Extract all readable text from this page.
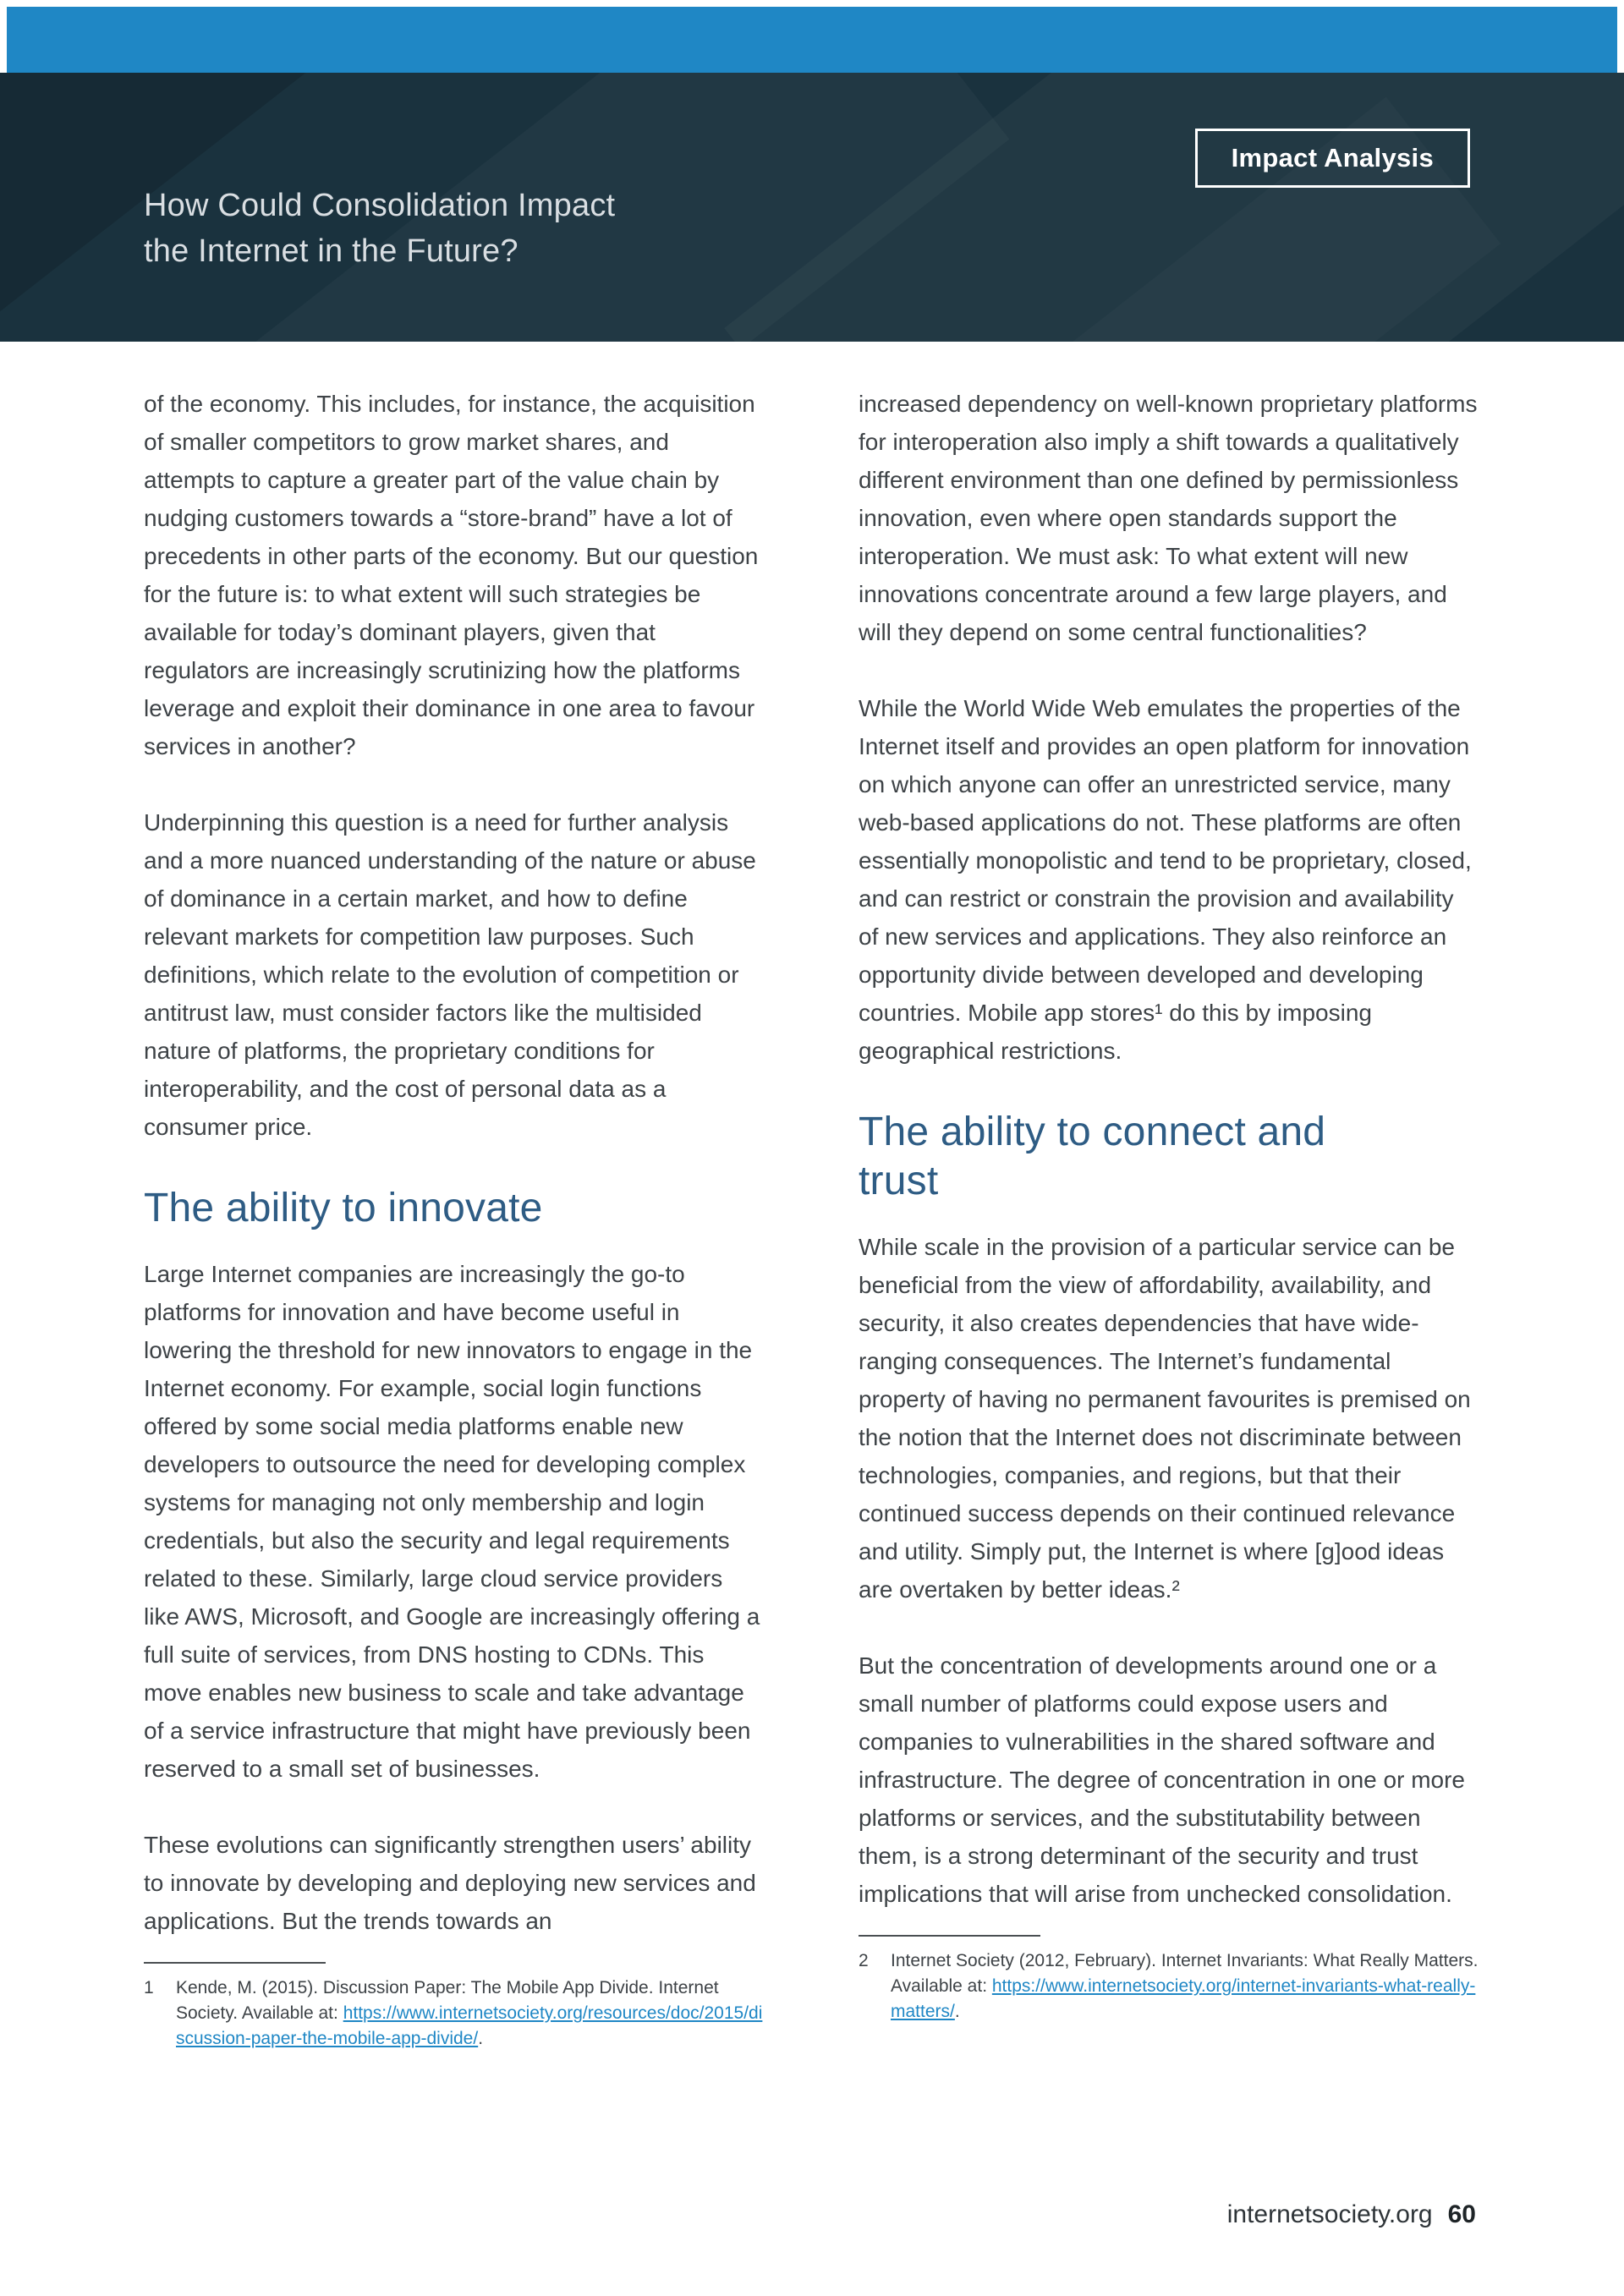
How Could Consolidation Impact
the Internet in the Future?
Impact Analysis

of the economy. This includes, for instance, the acquisition of smaller competitors to grow market shares, and attempts to capture a greater part of the value chain by nudging customers towards a “store-brand” have a lot of precedents in other parts of the economy. But our question for the future is: to what extent will such strategies be available for today’s dominant players, given that regulators are increasingly scrutinizing how the platforms leverage and exploit their dominance in one area to favour services in another?

Underpinning this question is a need for further analysis and a more nuanced understanding of the nature or abuse of dominance in a certain market, and how to define relevant markets for competition law purposes. Such definitions, which relate to the evolution of competition or antitrust law, must consider factors like the multisided nature of platforms, the proprietary conditions for interoperability, and the cost of personal data as a consumer price.

The ability to innovate

Large Internet companies are increasingly the go-to platforms for innovation and have become useful in lowering the threshold for new innovators to engage in the Internet economy. For example, social login functions offered by some social media platforms enable new developers to outsource the need for developing complex systems for managing not only membership and login credentials, but also the security and legal requirements related to these. Similarly, large cloud service providers like AWS, Microsoft, and Google are increasingly offering a full suite of services, from DNS hosting to CDNs. This move enables new business to scale and take advantage of a service infrastructure that might have previously been reserved to a small set of businesses.

These evolutions can significantly strengthen users’ ability to innovate by developing and deploying new services and applications. But the trends towards an

1	Kende, M. (2015). Discussion Paper: The Mobile App Divide. Internet Society. Available at: https://www.internetsociety.org/resources/doc/2015/discussion-paper-the-mobile-app-divide/.

increased dependency on well-known proprietary platforms for interoperation also imply a shift towards a qualitatively different environment than one defined by permissionless innovation, even where open standards support the interoperation. We must ask: To what extent will new innovations concentrate around a few large players, and will they depend on some central functionalities?

While the World Wide Web emulates the properties of the Internet itself and provides an open platform for innovation on which anyone can offer an unrestricted service, many web-based applications do not. These platforms are often essentially monopolistic and tend to be proprietary, closed, and can restrict or constrain the provision and availability of new services and applications. They also reinforce an opportunity divide between developed and developing countries. Mobile app stores¹ do this by imposing geographical restrictions.

The ability to connect and trust

While scale in the provision of a particular service can be beneficial from the view of affordability, availability, and security, it also creates dependencies that have wide-ranging consequences. The Internet’s fundamental property of having no permanent favourites is premised on the notion that the Internet does not discriminate between technologies, companies, and regions, but that their continued success depends on their continued relevance and utility. Simply put, the Internet is where [g]ood ideas are overtaken by better ideas.²

But the concentration of developments around one or a small number of platforms could expose users and companies to vulnerabilities in the shared software and infrastructure. The degree of concentration in one or more platforms or services, and the substitutability between them, is a strong determinant of the security and trust implications that will arise from unchecked consolidation.

2	Internet Society (2012, February). Internet Invariants: What Really Matters. Available at: https://www.internetsociety.org/internet-invariants-what-really-matters/.
internetsociety.org 60
